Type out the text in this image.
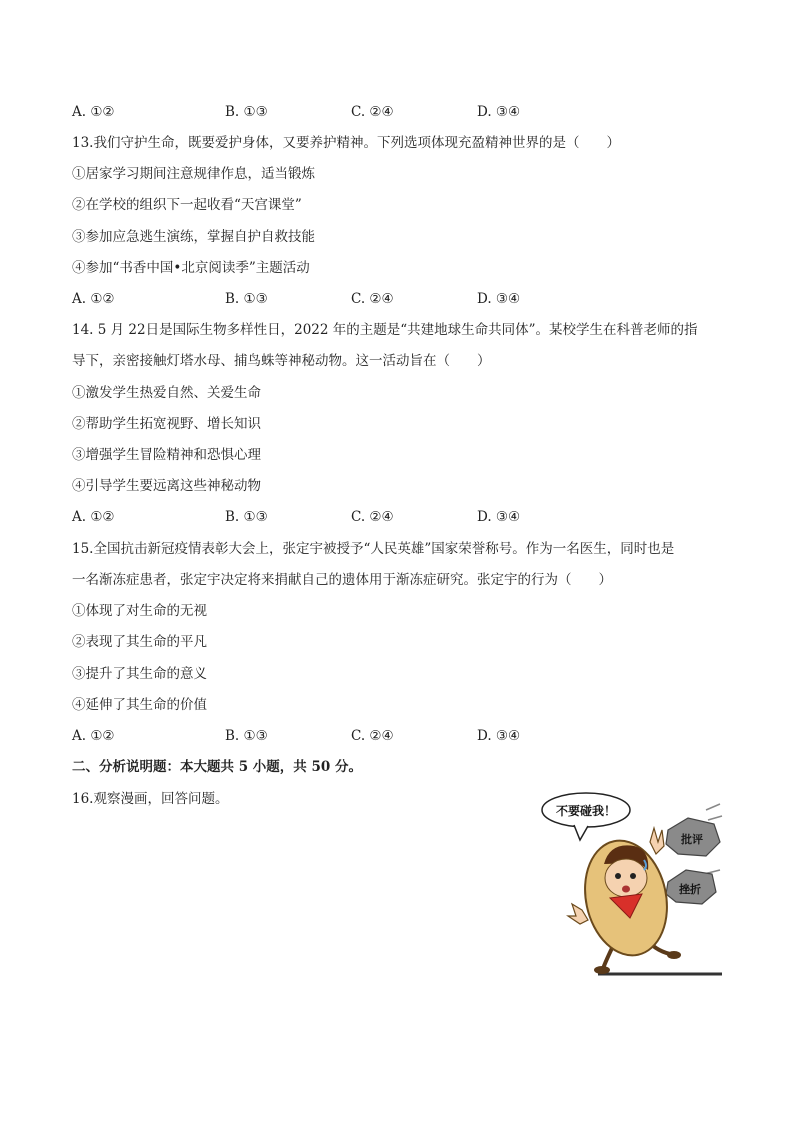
A. ①②	B. ①③	C. ②④	D. ③④
13.我们守护生命，既要爱护身体，又要养护精神。下列选项体现充盈精神世界的是（　　）
①居家学习期间注意规律作息，适当锻炼
②在学校的组织下一起收看“天宫课堂”
③参加应急逃生演练，掌握自护自救技能
④参加“书香中国•北京阅读季”主题活动
A. ①②	B. ①③	C. ②④	D. ③④
14. 5 月 22日是国际生物多样性日，2022 年的主题是“共建地球生命共同体”。某校学生在科普老师的指
导下，亲密接触灯塔水母、捕鸟蛛等神秘动物。这一活动旨在（　　）
①激发学生热爱自然、关爱生命
②帮助学生拓宽视野、增长知识
③增强学生冒险精神和恐惧心理
④引导学生要远离这些神秘动物
A. ①②	B. ①③	C. ②④	D. ③④
15.全国抗击新冠疫情表彰大会上，张定宇被授予“人民英雄”国家荣誉称号。作为一名医生，同时也是
一名渐冻症患者，张定宇决定将来捐献自己的遗体用于渐冻症研究。张定宇的行为（　　）
①体现了对生命的无视
②表现了其生命的平凡
③提升了其生命的意义
④延伸了其生命的价值
A. ①②	B. ①③	C. ②④	D. ③④
二、分析说明题：本大题共 5 小题，共 50 分。
16.观察漫画，回答问题。
不要碰我！
批评
挫折
